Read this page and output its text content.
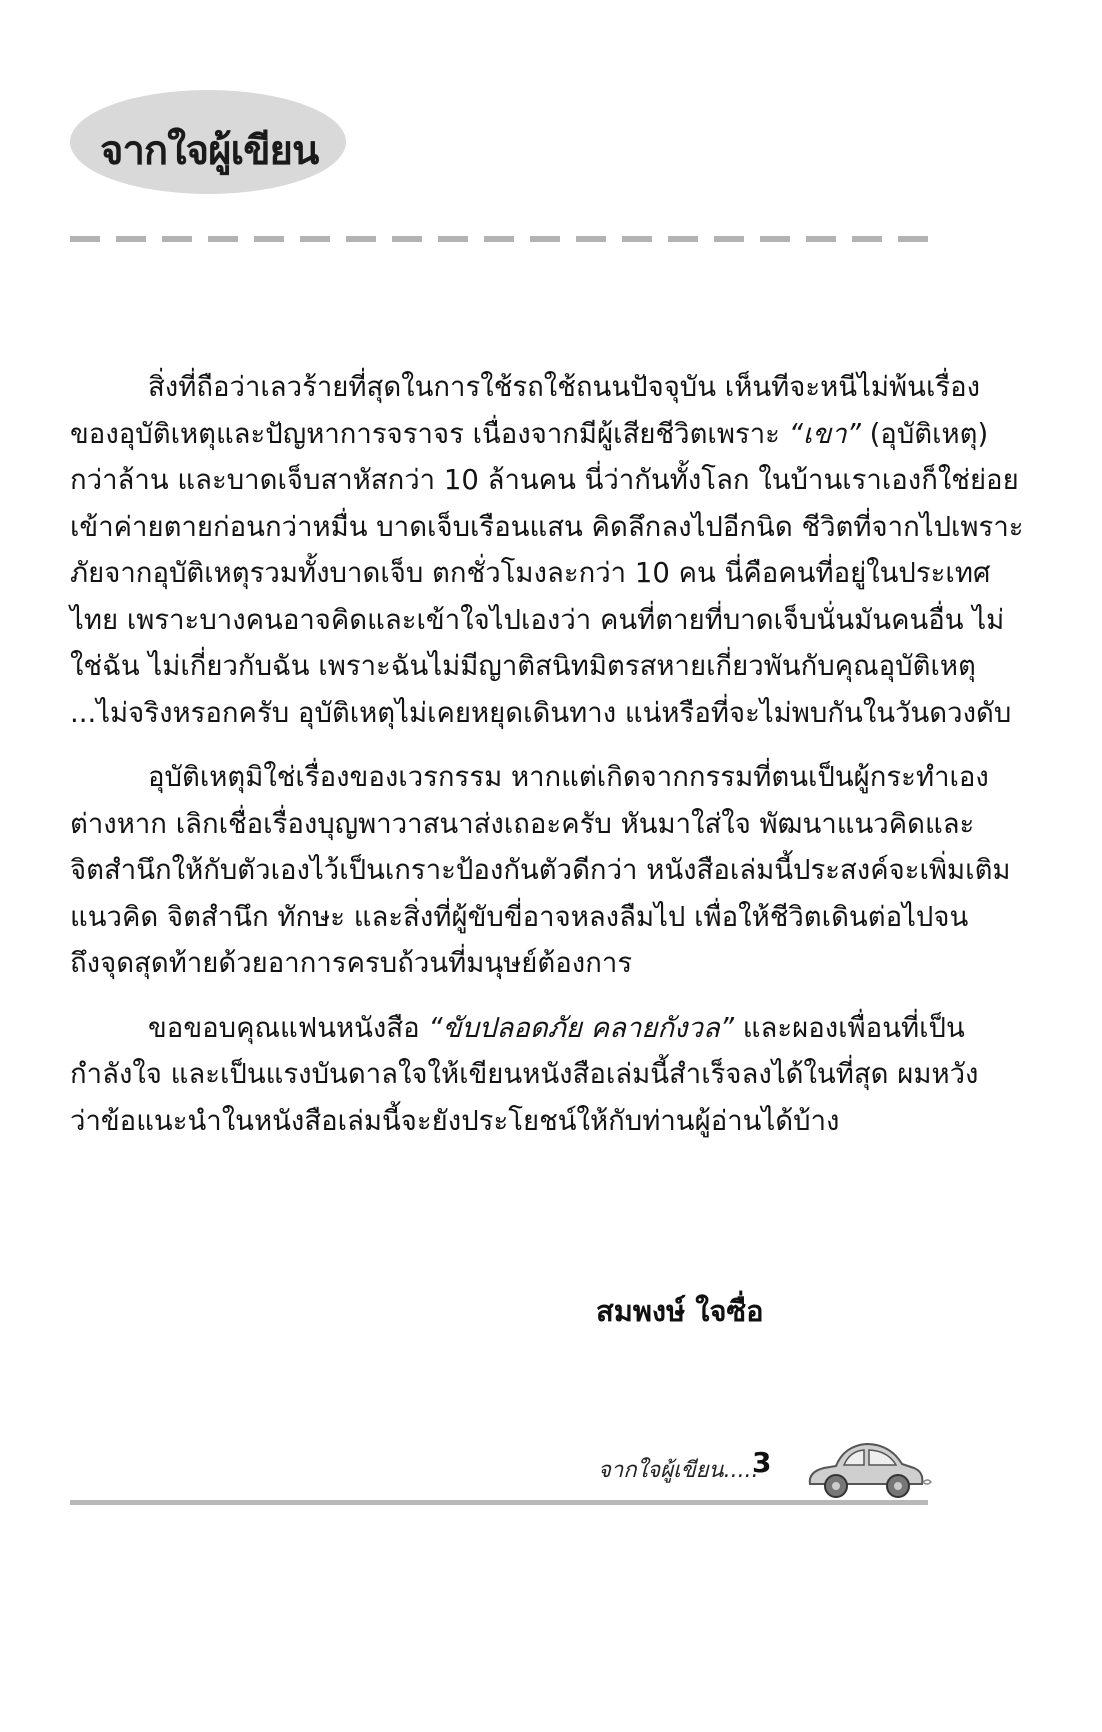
จากใจผู้เขียน

สิ่งที่ถือว่าเลวร้ายที่สุดในการใช้รถใช้ถนนปัจจุบัน เห็นทีจะหนีไม่พ้นเรื่อง
ของอุบัติเหตุและปัญหาการจราจร เนื่องจากมีผู้เสียชีวิตเพราะ “เขา” (อุบัติเหตุ)
กว่าล้าน และบาดเจ็บสาหัสกว่า 10 ล้านคน นี่ว่ากันทั้งโลก ในบ้านเราเองก็ใช่ย่อย
เข้าค่ายตายก่อนกว่าหมื่น บาดเจ็บเรือนแสน คิดลึกลงไปอีกนิด ชีวิตที่จากไปเพราะ
ภัยจากอุบัติเหตุรวมทั้งบาดเจ็บ ตกชั่วโมงละกว่า 10 คน นี่คือคนที่อยู่ในประเทศ
ไทย เพราะบางคนอาจคิดและเข้าใจไปเองว่า คนที่ตายที่บาดเจ็บนั่นมันคนอื่น ไม่
ใช่ฉัน ไม่เกี่ยวกับฉัน เพราะฉันไม่มีญาติสนิทมิตรสหายเกี่ยวพันกับคุณอุบัติเหตุ
...ไม่จริงหรอกครับ อุบัติเหตุไม่เคยหยุดเดินทาง แน่หรือที่จะไม่พบกันในวันดวงดับ

อุบัติเหตุมิใช่เรื่องของเวรกรรม หากแต่เกิดจากกรรมที่ตนเป็นผู้กระทำเอง
ต่างหาก เลิกเชื่อเรื่องบุญพาวาสนาส่งเถอะครับ หันมาใส่ใจ พัฒนาแนวคิดและ
จิตสำนึกให้กับตัวเองไว้เป็นเกราะป้องกันตัวดีกว่า หนังสือเล่มนี้ประสงค์จะเพิ่มเติม
แนวคิด จิตสำนึก ทักษะ และสิ่งที่ผู้ขับขี่อาจหลงลืมไป เพื่อให้ชีวิตเดินต่อไปจน
ถึงจุดสุดท้ายด้วยอาการครบถ้วนที่มนุษย์ต้องการ

ขอขอบคุณแฟนหนังสือ “ขับปลอดภัย คลายกังวล” และผองเพื่อนที่เป็น
กำลังใจ และเป็นแรงบันดาลใจให้เขียนหนังสือเล่มนี้สำเร็จลงได้ในที่สุด ผมหวัง
ว่าข้อแนะนำในหนังสือเล่มนี้จะยังประโยชน์ให้กับท่านผู้อ่านได้บ้าง

สมพงษ์ ใจซื่อ
จากใจผู้เขียน.....
3
